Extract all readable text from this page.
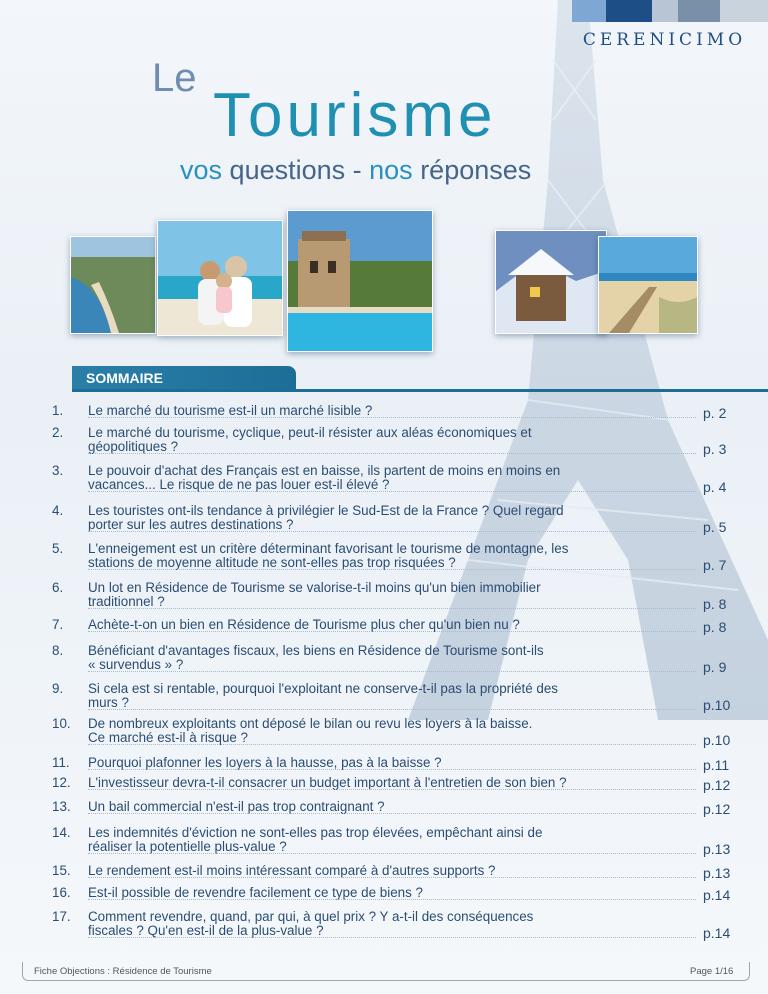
CERENICIMO
Le
Tourisme
vos questions - nos réponses
SOMMAIRE
1. Le marché du tourisme est-il un marché lisible ?	p. 2
2. Le marché du tourisme, cyclique, peut-il résister aux aléas économiques et
géopolitiques ?	p. 3
3. Le pouvoir d'achat des Français est en baisse, ils partent de moins en moins en
vacances... Le risque de ne pas louer est-il élevé ?	p. 4
4. Les touristes ont-ils tendance à privilégier le Sud-Est de la France ? Quel regard
porter sur les autres destinations ?	p. 5
5. L'enneigement est un critère déterminant favorisant le tourisme de montagne, les
stations de moyenne altitude ne sont-elles pas trop risquées ?	p. 7
6. Un lot en Résidence de Tourisme se valorise-t-il moins qu'un bien immobilier
traditionnel ?	p. 8
7. Achète-t-on un bien en Résidence de Tourisme plus cher qu'un bien nu ?	p. 8
8. Bénéficiant d'avantages fiscaux, les biens en Résidence de Tourisme sont-ils
« survendus » ?	p. 9
9. Si cela est si rentable, pourquoi l'exploitant ne conserve-t-il pas la propriété des
murs ?	p.10
10. De nombreux exploitants ont déposé le bilan ou revu les loyers à la baisse.
Ce marché est-il à risque ?	p.10
11. Pourquoi plafonner les loyers à la hausse, pas à la baisse ?	p.11
12. L'investisseur devra-t-il consacrer un budget important à l'entretien de son bien ?	p.12
13. Un bail commercial n'est-il pas trop contraignant ?	p.12
14. Les indemnités d'éviction ne sont-elles pas trop élevées, empêchant ainsi de
réaliser la potentielle plus-value ?	p.13
15. Le rendement est-il moins intéressant comparé à d'autres supports ?	p.13
16. Est-il possible de revendre facilement ce type de biens ?	p.14
17. Comment revendre, quand, par qui, à quel prix ? Y a-t-il des conséquences
fiscales ? Qu'en est-il de la plus-value ?	p.14
Fiche Objections : Résidence de Tourisme	Page 1/16
